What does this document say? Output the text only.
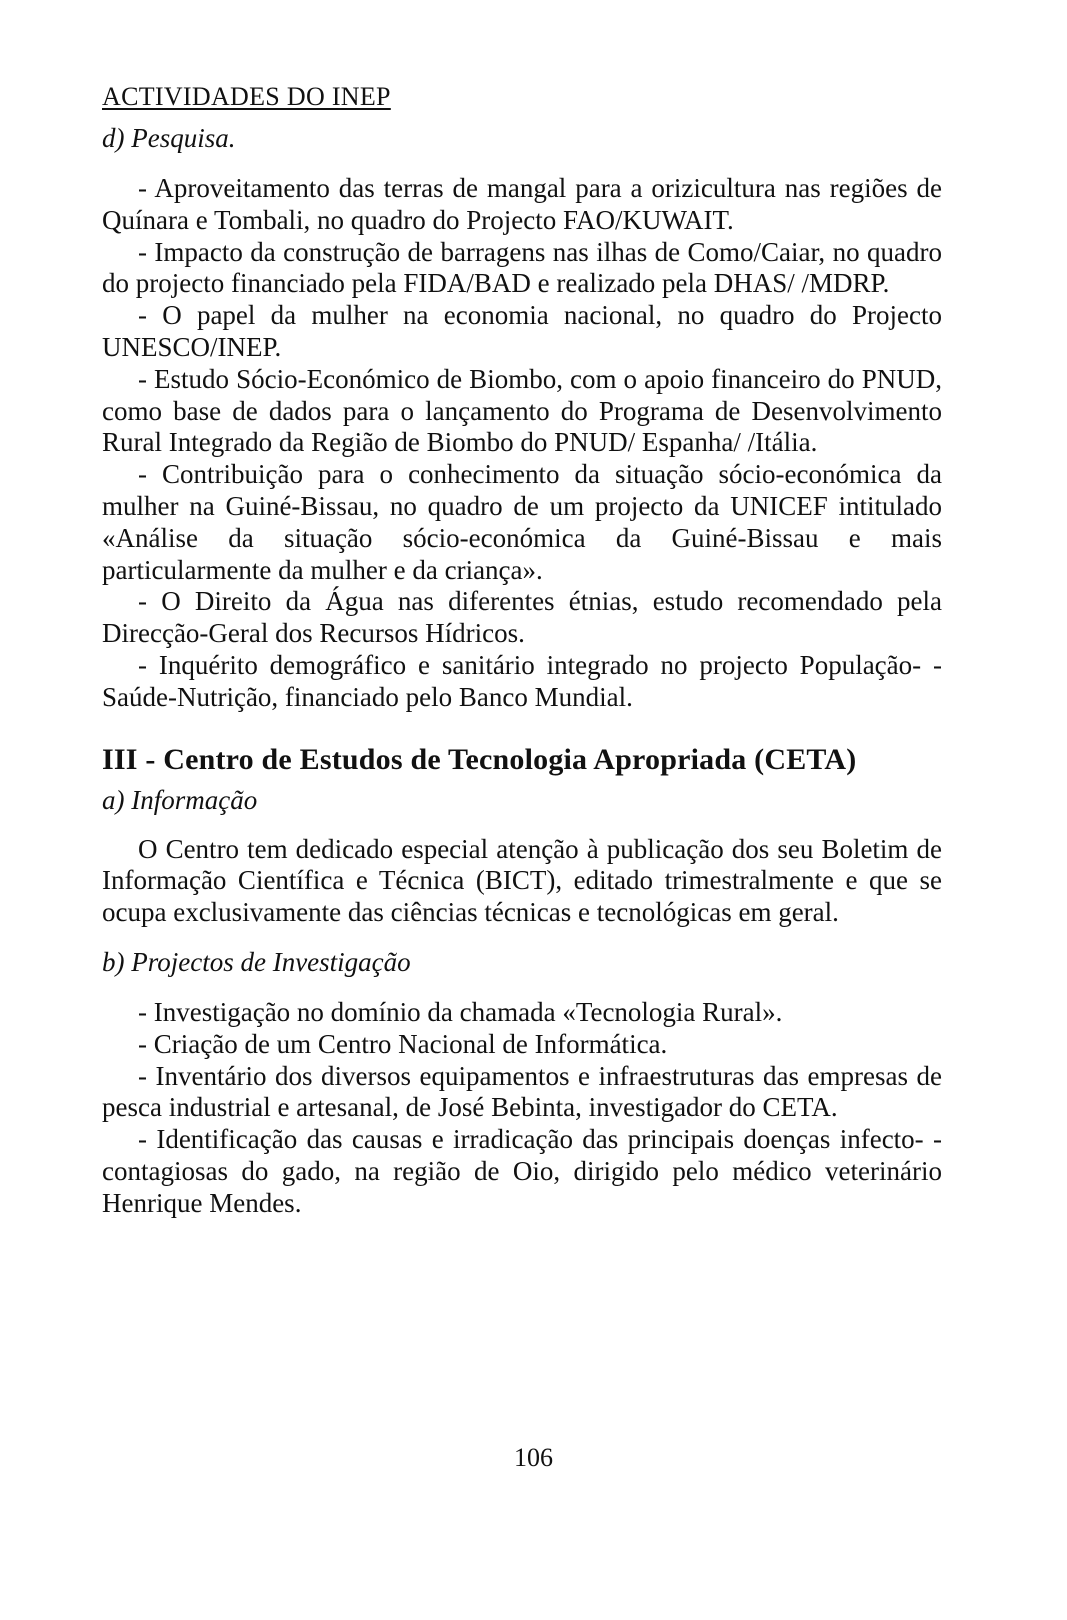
ACTIVIDADES DO INEP

d) Pesquisa.

- Aproveitamento das terras de mangal para a orizicultura nas regiões de Quínara e Tombali, no quadro do Projecto FAO/KUWAIT.

- Impacto da construção de barragens nas ilhas de Como/Caiar, no quadro do projecto financiado pela FIDA/BAD e realizado pela DHAS/ /MDRP.

- O papel da mulher na economia nacional, no quadro do Projecto UNESCO/INEP.

- Estudo Sócio-Económico de Biombo, com o apoio financeiro do PNUD, como base de dados para o lançamento do Programa de Desenvolvimento Rural Integrado da Região de Biombo do PNUD/ Espanha/ /Itália.

- Contribuição para o conhecimento da situação sócio-económica da mulher na Guiné-Bissau, no quadro de um projecto da UNICEF intitulado «Análise da situação sócio-económica da Guiné-Bissau e mais particularmente da mulher e da criança».

- O Direito da Água nas diferentes étnias, estudo recomendado pela Direcção-Geral dos Recursos Hídricos.

- Inquérito demográfico e sanitário integrado no projecto População- -Saúde-Nutrição, financiado pelo Banco Mundial.

III - Centro de Estudos de Tecnologia Apropriada (CETA)

a) Informação

O Centro tem dedicado especial atenção à publicação dos seu Boletim de Informação Científica e Técnica (BICT), editado trimestralmente e que se ocupa exclusivamente das ciências técnicas e tecnológicas em geral.

b) Projectos de Investigação

- Investigação no domínio da chamada «Tecnologia Rural».

- Criação de um Centro Nacional de Informática.

- Inventário dos diversos equipamentos e infraestruturas das empresas de pesca industrial e artesanal, de José Bebinta, investigador do CETA.

- Identificação das causas e irradicação das principais doenças infecto- -contagiosas do gado, na região de Oio, dirigido pelo médico veterinário Henrique Mendes.

106
